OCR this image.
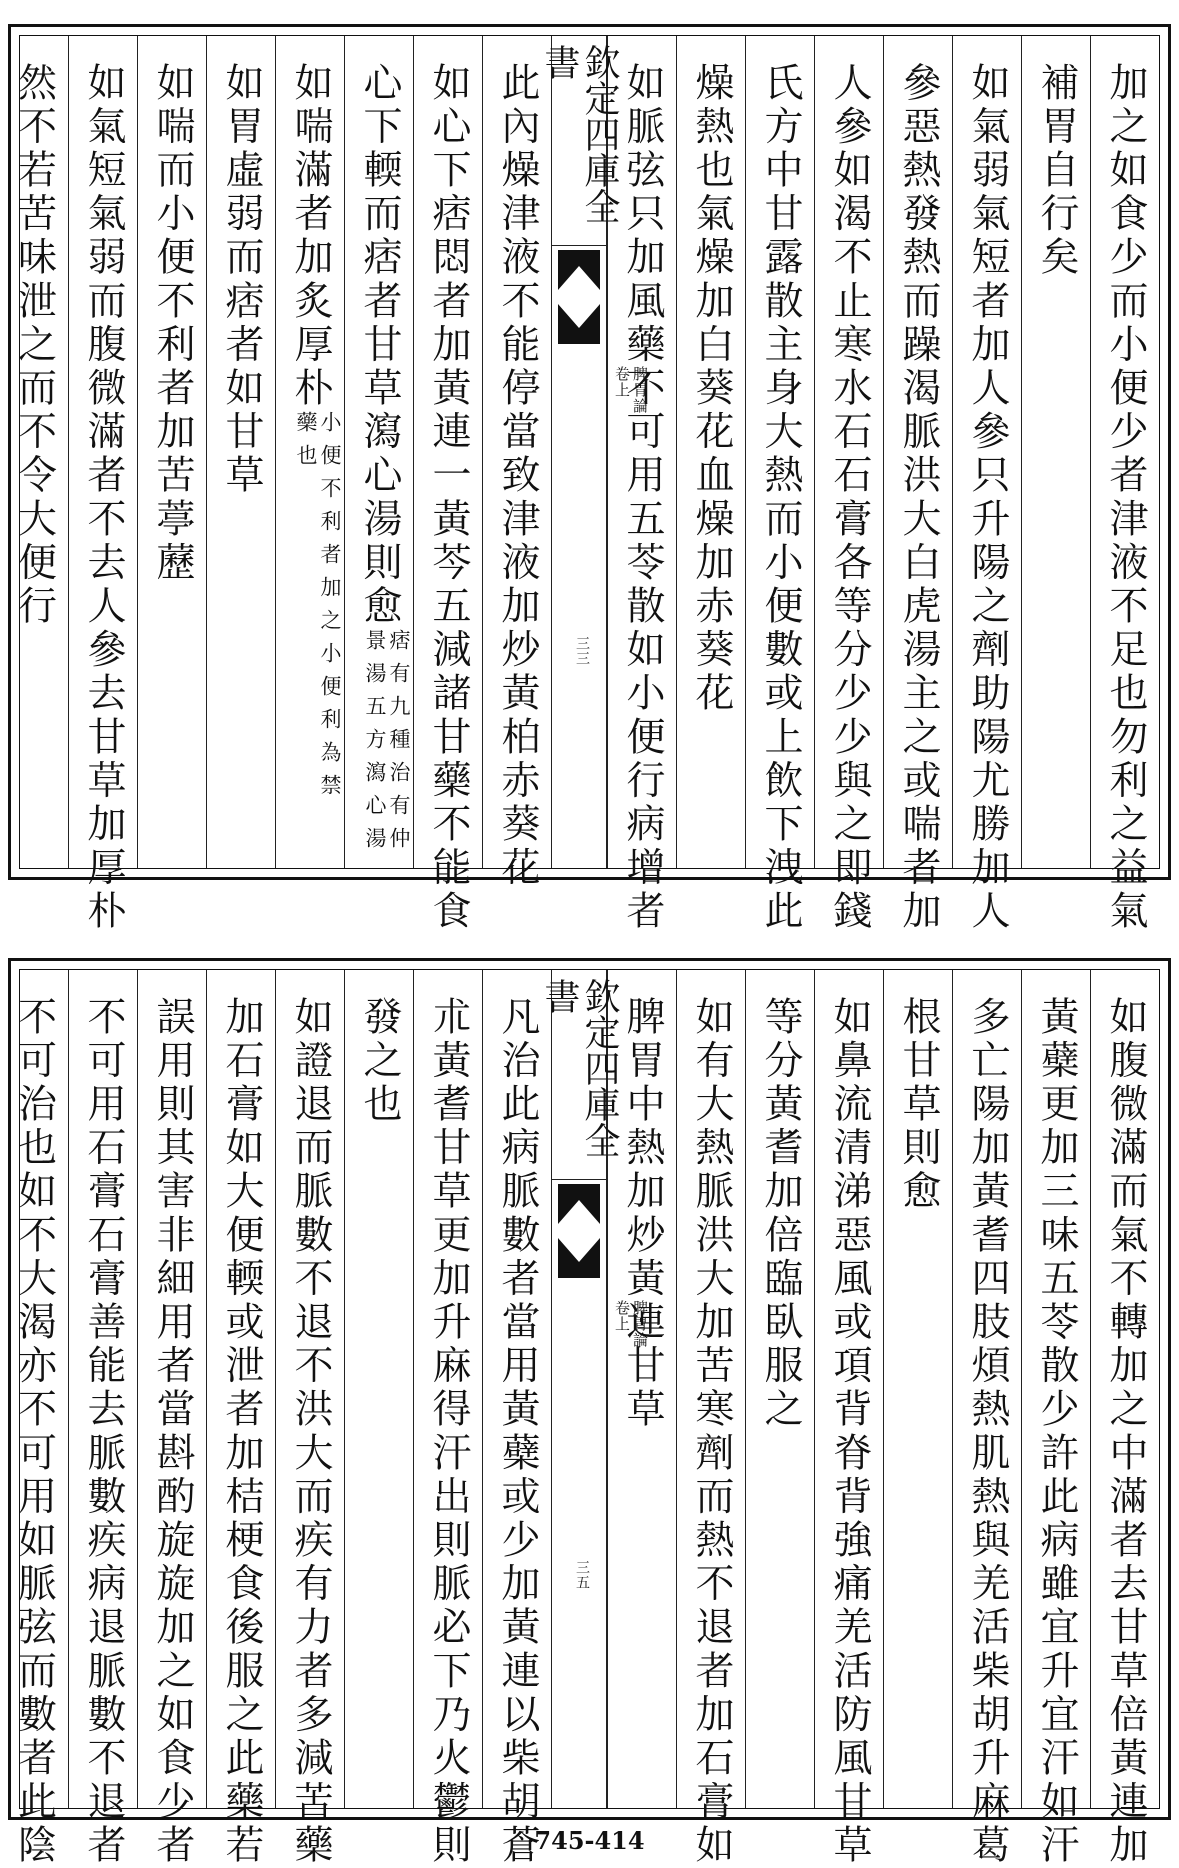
加之如食少而小便少者津液不足也勿利之益氣
補胃自行矣
如氣弱氣短者加人參只升陽之劑助陽尤勝加人
參惡熱發熱而躁渴脈洪大白虎湯主之或喘者加
人參如渴不止寒水石石膏各等分少少與之即錢
氏方中甘露散主身大熱而小便數或上飲下洩此
燥熱也氣燥加白葵花血燥加赤葵花
如脈弦只加風藥不可用五苓散如小便行病增者
欽定四庫全書
脾胃論
卷上
三三
此內燥津液不能停當致津液加炒黃柏赤葵花
如心下痞悶者加黃連一黃芩五減諸甘藥不能食
心下輭而痞者甘草瀉心湯則愈痞有九種治有仲
景湯五方瀉心湯
如喘滿者加炙厚朴小便不利者加之小便利為禁
藥也
如胃虛弱而痞者如甘草
如喘而小便不利者加苦葶藶
如氣短氣弱而腹微滿者不去人參去甘草加厚朴
然不若苦味泄之而不令大便行
如腹微滿而氣不轉加之中滿者去甘草倍黃連加
黃蘗更加三味五苓散少許此病雖宜升宜汗如汗
多亡陽加黃耆四肢煩熱肌熱與羌活柴胡升麻葛
根甘草則愈
如鼻流清涕惡風或項背脊背強痛羌活防風甘草
等分黃耆加倍臨臥服之
如有大熱脈洪大加苦寒劑而熱不退者加石膏如
脾胃中熱加炒黃連甘草
欽定四庫全書
脾胃論
卷上
三五
凡治此病脈數者當用黃蘗或少加黃連以柴胡蒼
朮黃耆甘草更加升麻得汗出則脈必下乃火鬱則
發之也
如證退而脈數不退不洪大而疾有力者多減苦藥
加石膏如大便輭或泄者加桔梗食後服之此藥若
誤用則其害非細用者當斟酌旋旋加之如食少者
不可用石膏石膏善能去脈數疾病退脈數不退者
不可治也如不大渴亦不可用如脈弦而數者此陰	745-414
